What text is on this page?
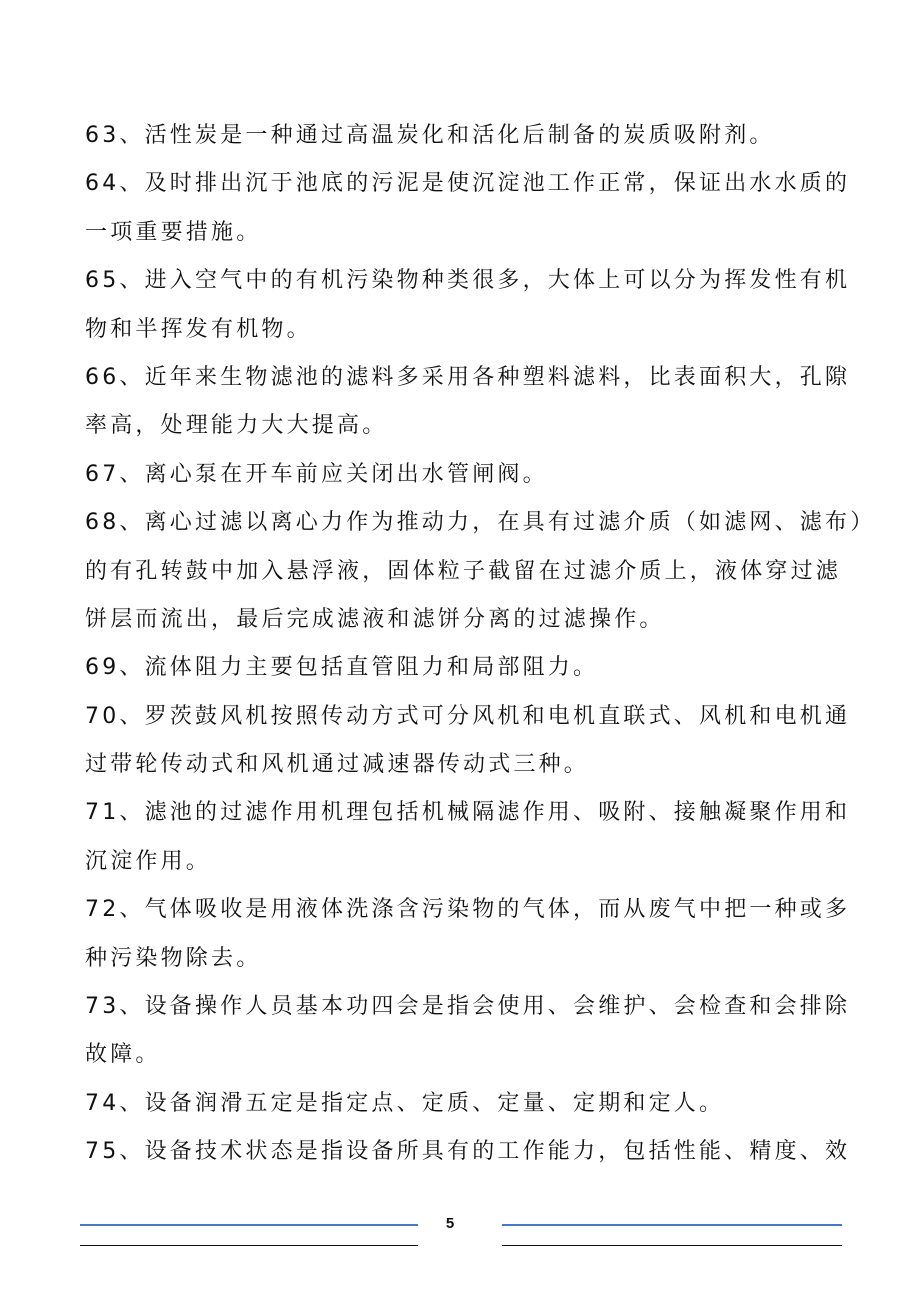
63、活性炭是一种通过高温炭化和活化后制备的炭质吸附剂。
64、及时排出沉于池底的污泥是使沉淀池工作正常，保证出水水质的
一项重要措施。
65、进入空气中的有机污染物种类很多，大体上可以分为挥发性有机
物和半挥发有机物。
66、近年来生物滤池的滤料多采用各种塑料滤料，比表面积大，孔隙
率高，处理能力大大提高。
67、离心泵在开车前应关闭出水管闸阀。
68、离心过滤以离心力作为推动力，在具有过滤介质（如滤网、滤布）
的有孔转鼓中加入悬浮液，固体粒子截留在过滤介质上，液体穿过滤
饼层而流出，最后完成滤液和滤饼分离的过滤操作。
69、流体阻力主要包括直管阻力和局部阻力。
70、罗茨鼓风机按照传动方式可分风机和电机直联式、风机和电机通
过带轮传动式和风机通过减速器传动式三种。
71、滤池的过滤作用机理包括机械隔滤作用、吸附、接触凝聚作用和
沉淀作用。
72、气体吸收是用液体洗涤含污染物的气体，而从废气中把一种或多
种污染物除去。
73、设备操作人员基本功四会是指会使用、会维护、会检查和会排除
故障。
74、设备润滑五定是指定点、定质、定量、定期和定人。
75、设备技术状态是指设备所具有的工作能力，包括性能、精度、效
5
